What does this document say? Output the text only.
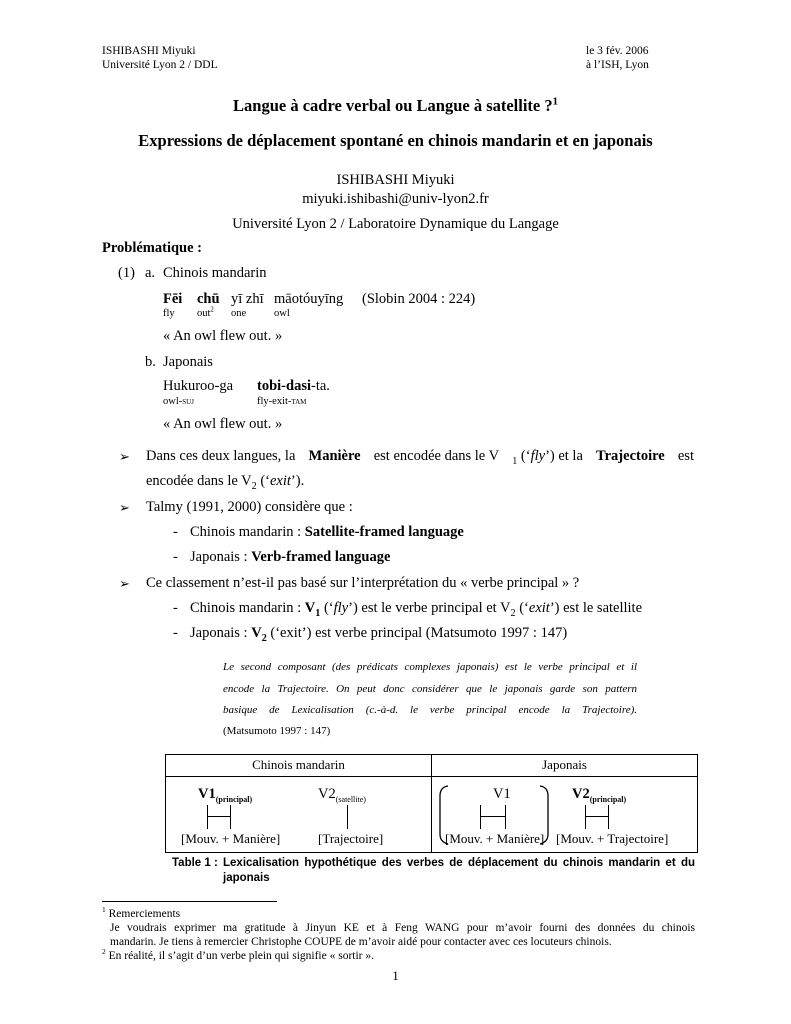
ISHIBASHI Miyuki
Université Lyon 2 / DDL
le 3 fév. 2006
à l’ISH, Lyon
Langue à cadre verbal ou Langue à satellite ?$^1$
Expressions de déplacement spontané en chinois mandarin et en japonais
ISHIBASHI Miyuki
miyuki.ishibashi@univ-lyon2.fr
Université Lyon 2 / Laboratoire Dynamique du Langage
Problématique :
(1) a. Chinois mandarin
Fēi chū yī zhī māotóuyīng (Slobin 2004 : 224)
fly out$^2$ one	owl
« An owl flew out. »
b. Japonais
Hukuroo-ga tobi-dasi-ta.
owl-suj	fly-exit-tam
« An owl flew out. »
➢ Dans ces deux langues, la Manière est encodée dans le V $_1$ (‘fly’) et la Trajectoire est
encodée dans le $V_2$ (‘exit’).
➢ Talmy (1991, 2000) considère que :
- Chinois mandarin : Satellite-framed language
- Japonais : Verb-framed language
➢ Ce classement n’est-il pas basé sur l’interprétation du « verbe principal » ?
- Chinois mandarin : $V_1$ (‘fly’) est le verbe principal et $V_2$ (‘exit’) est le satellite
- Japonais : $V_2$ (‘exit’) est verbe principal (Matsumoto 1997 : 147)
Le second composant (des prédicats complexes japonais) est le verbe principal et il
encode la Trajectoire. On peut donc considérer que le japonais garde son pattern
basique de Lexicalisation (c.-à-d. le verbe principal encode la Trajectoire).
(Matsumoto 1997 : 147)
Chinois mandarin	Japonais
$V1_{(principal)}$	$V2_{(satellite)}$
[Mouv. + Manière]	[Trajectoire]
V1	$V2_{(principal)}$
[Mouv. + Manière] [Mouv. + Trajectoire]
Table 1 : Lexicalisation hypothétique des verbes de déplacement du chinois mandarin et du
japonais
$^1$ Remerciements
Je voudrais exprimer ma gratitude à Jinyun KE et à Feng WANG pour m’avoir fourni des données du chinois
mandarin. Je tiens à remercier Christophe COUPE de m’avoir aidé pour contacter avec ces locuteurs chinois.
$^2$ En réalité, il s’agit d’un verbe plein qui signifie « sortir ».
1
